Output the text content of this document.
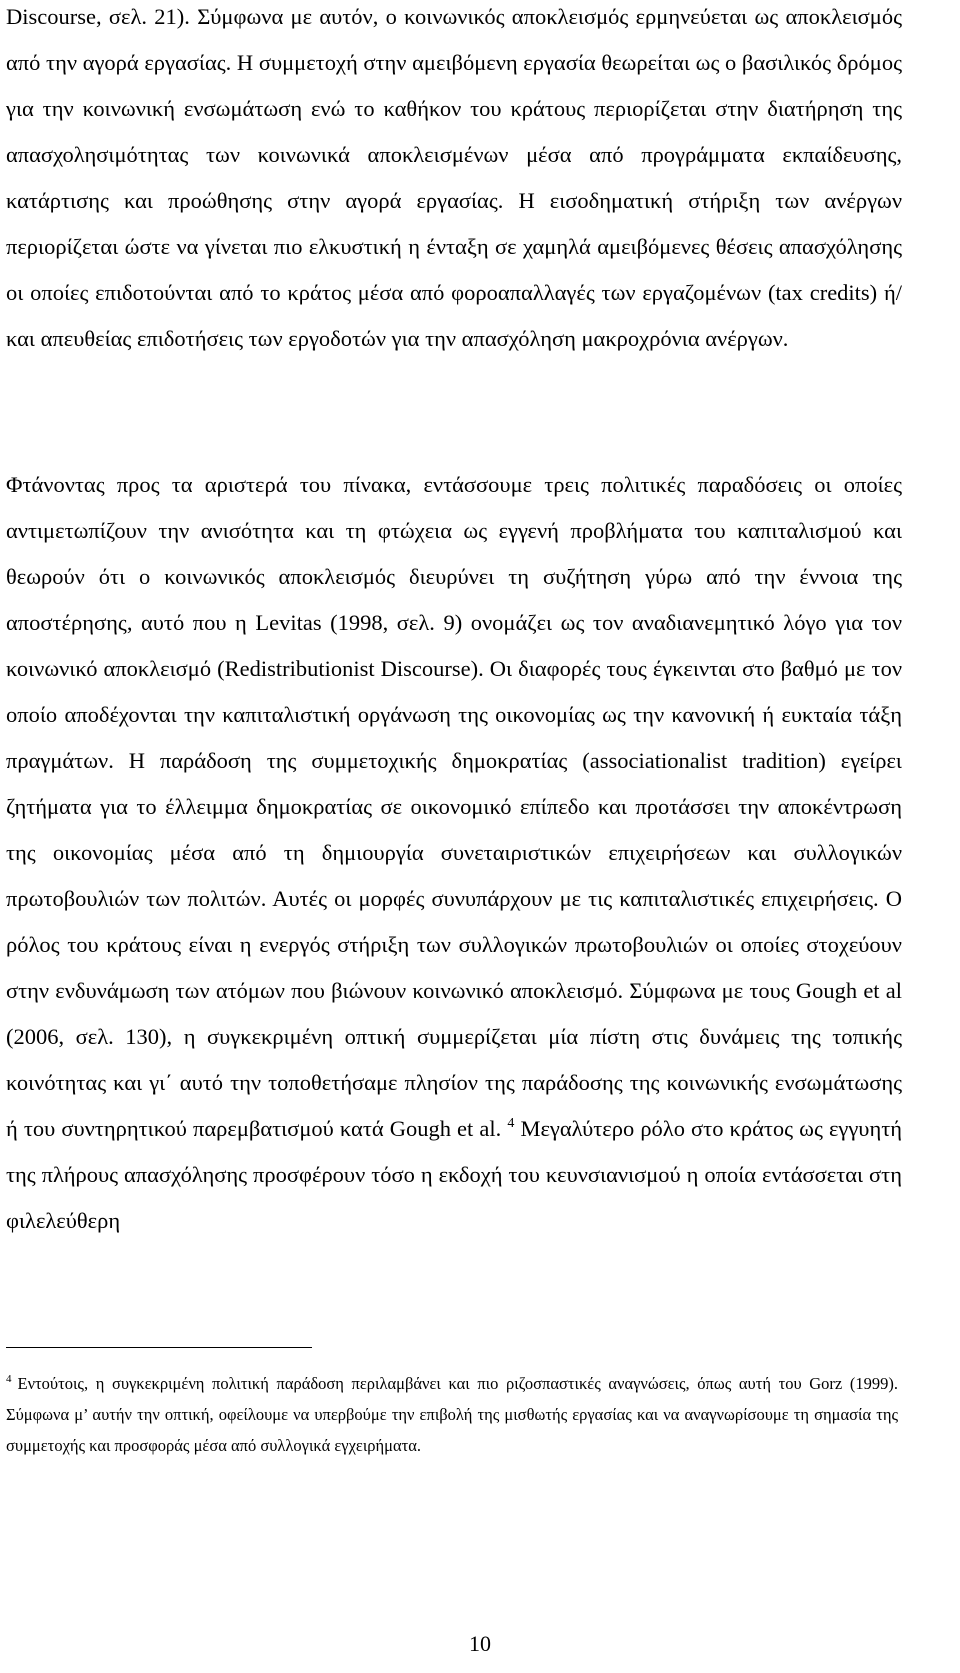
Discourse, σελ. 21). Σύμφωνα με αυτόν, ο κοινωνικός αποκλεισμός ερμηνεύεται ως αποκλεισμός από την αγορά εργασίας. Η συμμετοχή στην αμειβόμενη εργασία θεωρείται ως ο βασιλικός δρόμος για την κοινωνική ενσωμάτωση ενώ το καθήκον του κράτους περιορίζεται στην διατήρηση της απασχολησιμότητας των κοινωνικά αποκλεισμένων μέσα από προγράμματα εκπαίδευσης, κατάρτισης και προώθησης στην αγορά εργασίας. Η εισοδηματική στήριξη των ανέργων περιορίζεται ώστε να γίνεται πιο ελκυστική η ένταξη σε χαμηλά αμειβόμενες θέσεις απασχόλησης οι οποίες επιδοτούνται από το κράτος μέσα από φοροαπαλλαγές των εργαζομένων (tax credits) ή/και απευθείας επιδοτήσεις των εργοδοτών για την απασχόληση μακροχρόνια ανέργων.

Φτάνοντας προς τα αριστερά του πίνακα, εντάσσουμε τρεις πολιτικές παραδόσεις οι οποίες αντιμετωπίζουν την ανισότητα και τη φτώχεια ως εγγενή προβλήματα του καπιταλισμού και θεωρούν ότι ο κοινωνικός αποκλεισμός διευρύνει τη συζήτηση γύρω από την έννοια της αποστέρησης, αυτό που η Levitas (1998, σελ. 9) ονομάζει ως τον αναδιανεμητικό λόγο για τον κοινωνικό αποκλεισμό (Redistributionist Discourse). Οι διαφορές τους έγκεινται στο βαθμό με τον οποίο αποδέχονται την καπιταλιστική οργάνωση της οικονομίας ως την κανονική ή ευκταία τάξη πραγμάτων. Η παράδοση της συμμετοχικής δημοκρατίας (associationalist tradition) εγείρει ζητήματα για το έλλειμμα δημοκρατίας σε οικονομικό επίπεδο και προτάσσει την αποκέντρωση της οικονομίας μέσα από τη δημιουργία συνεταιριστικών επιχειρήσεων και συλλογικών πρωτοβουλιών των πολιτών. Αυτές οι μορφές συνυπάρχουν με τις καπιταλιστικές επιχειρήσεις. Ο ρόλος του κράτους είναι η ενεργός στήριξη των συλλογικών πρωτοβουλιών οι οποίες στοχεύουν στην ενδυνάμωση των ατόμων που βιώνουν κοινωνικό αποκλεισμό. Σύμφωνα με τους Gough et al (2006, σελ. 130), η συγκεκριμένη οπτική συμμερίζεται μία πίστη στις δυνάμεις της τοπικής κοινότητας και γι΄ αυτό την τοποθετήσαμε πλησίον της παράδοσης της κοινωνικής ενσωμάτωσης ή του συντηρητικού παρεμβατισμού κατά Gough et al. $^4$ Μεγαλύτερο ρόλο στο κράτος ως εγγυητή της πλήρους απασχόλησης προσφέρουν τόσο η εκδοχή του κευνσιανισμού η οποία εντάσσεται στη φιλελεύθερη

$^4$ Εντούτοις, η συγκεκριμένη πολιτική παράδοση περιλαμβάνει και πιο ριζοσπαστικές αναγνώσεις, όπως αυτή του Gorz (1999). Σύμφωνα μ’ αυτήν την οπτική, οφείλουμε να υπερβούμε την επιβολή της μισθωτής εργασίας και να αναγνωρίσουμε τη σημασία της συμμετοχής και προσφοράς μέσα από συλλογικά εγχειρήματα.

10
